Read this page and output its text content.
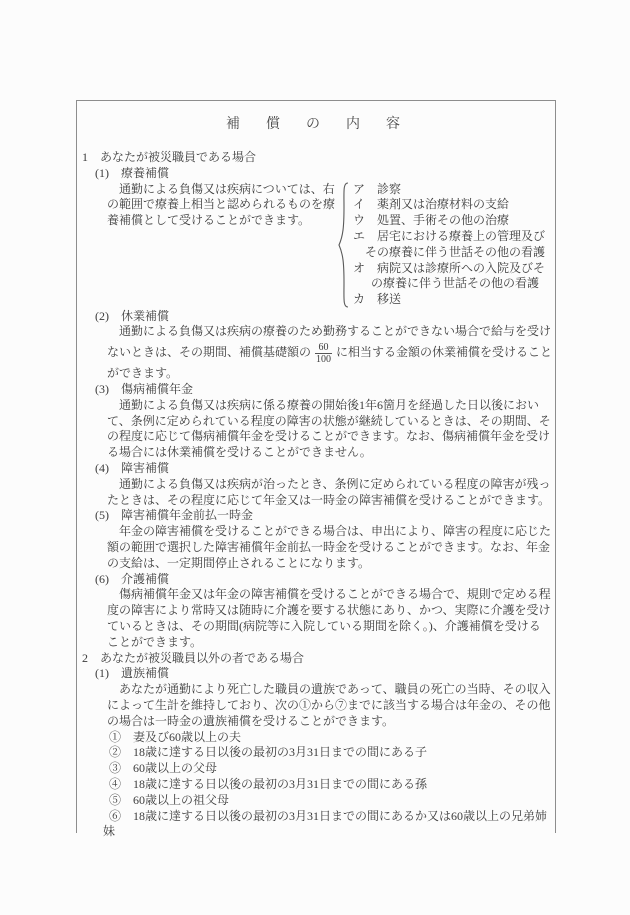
補　償　の　内　容
1　あなたが被災職員である場合
(1)　療養補償
通勤による負傷又は疾病については、右
の範囲で療養上相当と認められるものを療
養補償として受けることができます。
ア　診察
イ　薬剤又は治療材料の支給
ウ　処置、手術その他の治療
エ　居宅における療養上の管理及び
その療養に伴う世話その他の看護
オ　病院又は診療所への入院及びそ
の療養に伴う世話その他の看護
カ　移送
(2)　休業補償
通勤による負傷又は疾病の療養のため勤務することができない場合で給与を受け
ないときは、その期間、補償基礎額の $\frac{60}{100}$ に相当する金額の休業補償を受けること
ができます。
(3)　傷病補償年金
通勤による負傷又は疾病に係る療養の開始後1年6箇月を経過した日以後におい
て、条例に定められている程度の障害の状態が継続しているときは、その期間、そ
の程度に応じて傷病補償年金を受けることができます。なお、傷病補償年金を受け
る場合には休業補償を受けることができません。
(4)　障害補償
通勤による負傷又は疾病が治ったとき、条例に定められている程度の障害が残っ
たときは、その程度に応じて年金又は一時金の障害補償を受けることができます。
(5)　障害補償年金前払一時金
年金の障害補償を受けることができる場合は、申出により、障害の程度に応じた
額の範囲で選択した障害補償年金前払一時金を受けることができます。なお、年金
の支給は、一定期間停止されることになります。
(6)　介護補償
傷病補償年金又は年金の障害補償を受けることができる場合で、規則で定める程
度の障害により常時又は随時に介護を要する状態にあり、かつ、実際に介護を受け
ているときは、その期間(病院等に入院している期間を除く。)、介護補償を受ける
ことができます。
2　あなたが被災職員以外の者である場合
(1)　遺族補償
あなたが通勤により死亡した職員の遺族であって、職員の死亡の当時、その収入
によって生計を維持しており、次の①から⑦までに該当する場合は年金の、その他
の場合は一時金の遺族補償を受けることができます。
①　妻及び60歳以上の夫
②　18歳に達する日以後の最初の3月31日までの間にある子
③　60歳以上の父母
④　18歳に達する日以後の最初の3月31日までの間にある孫
⑤　60歳以上の祖父母
⑥　18歳に達する日以後の最初の3月31日までの間にあるか又は60歳以上の兄弟姉
妹
